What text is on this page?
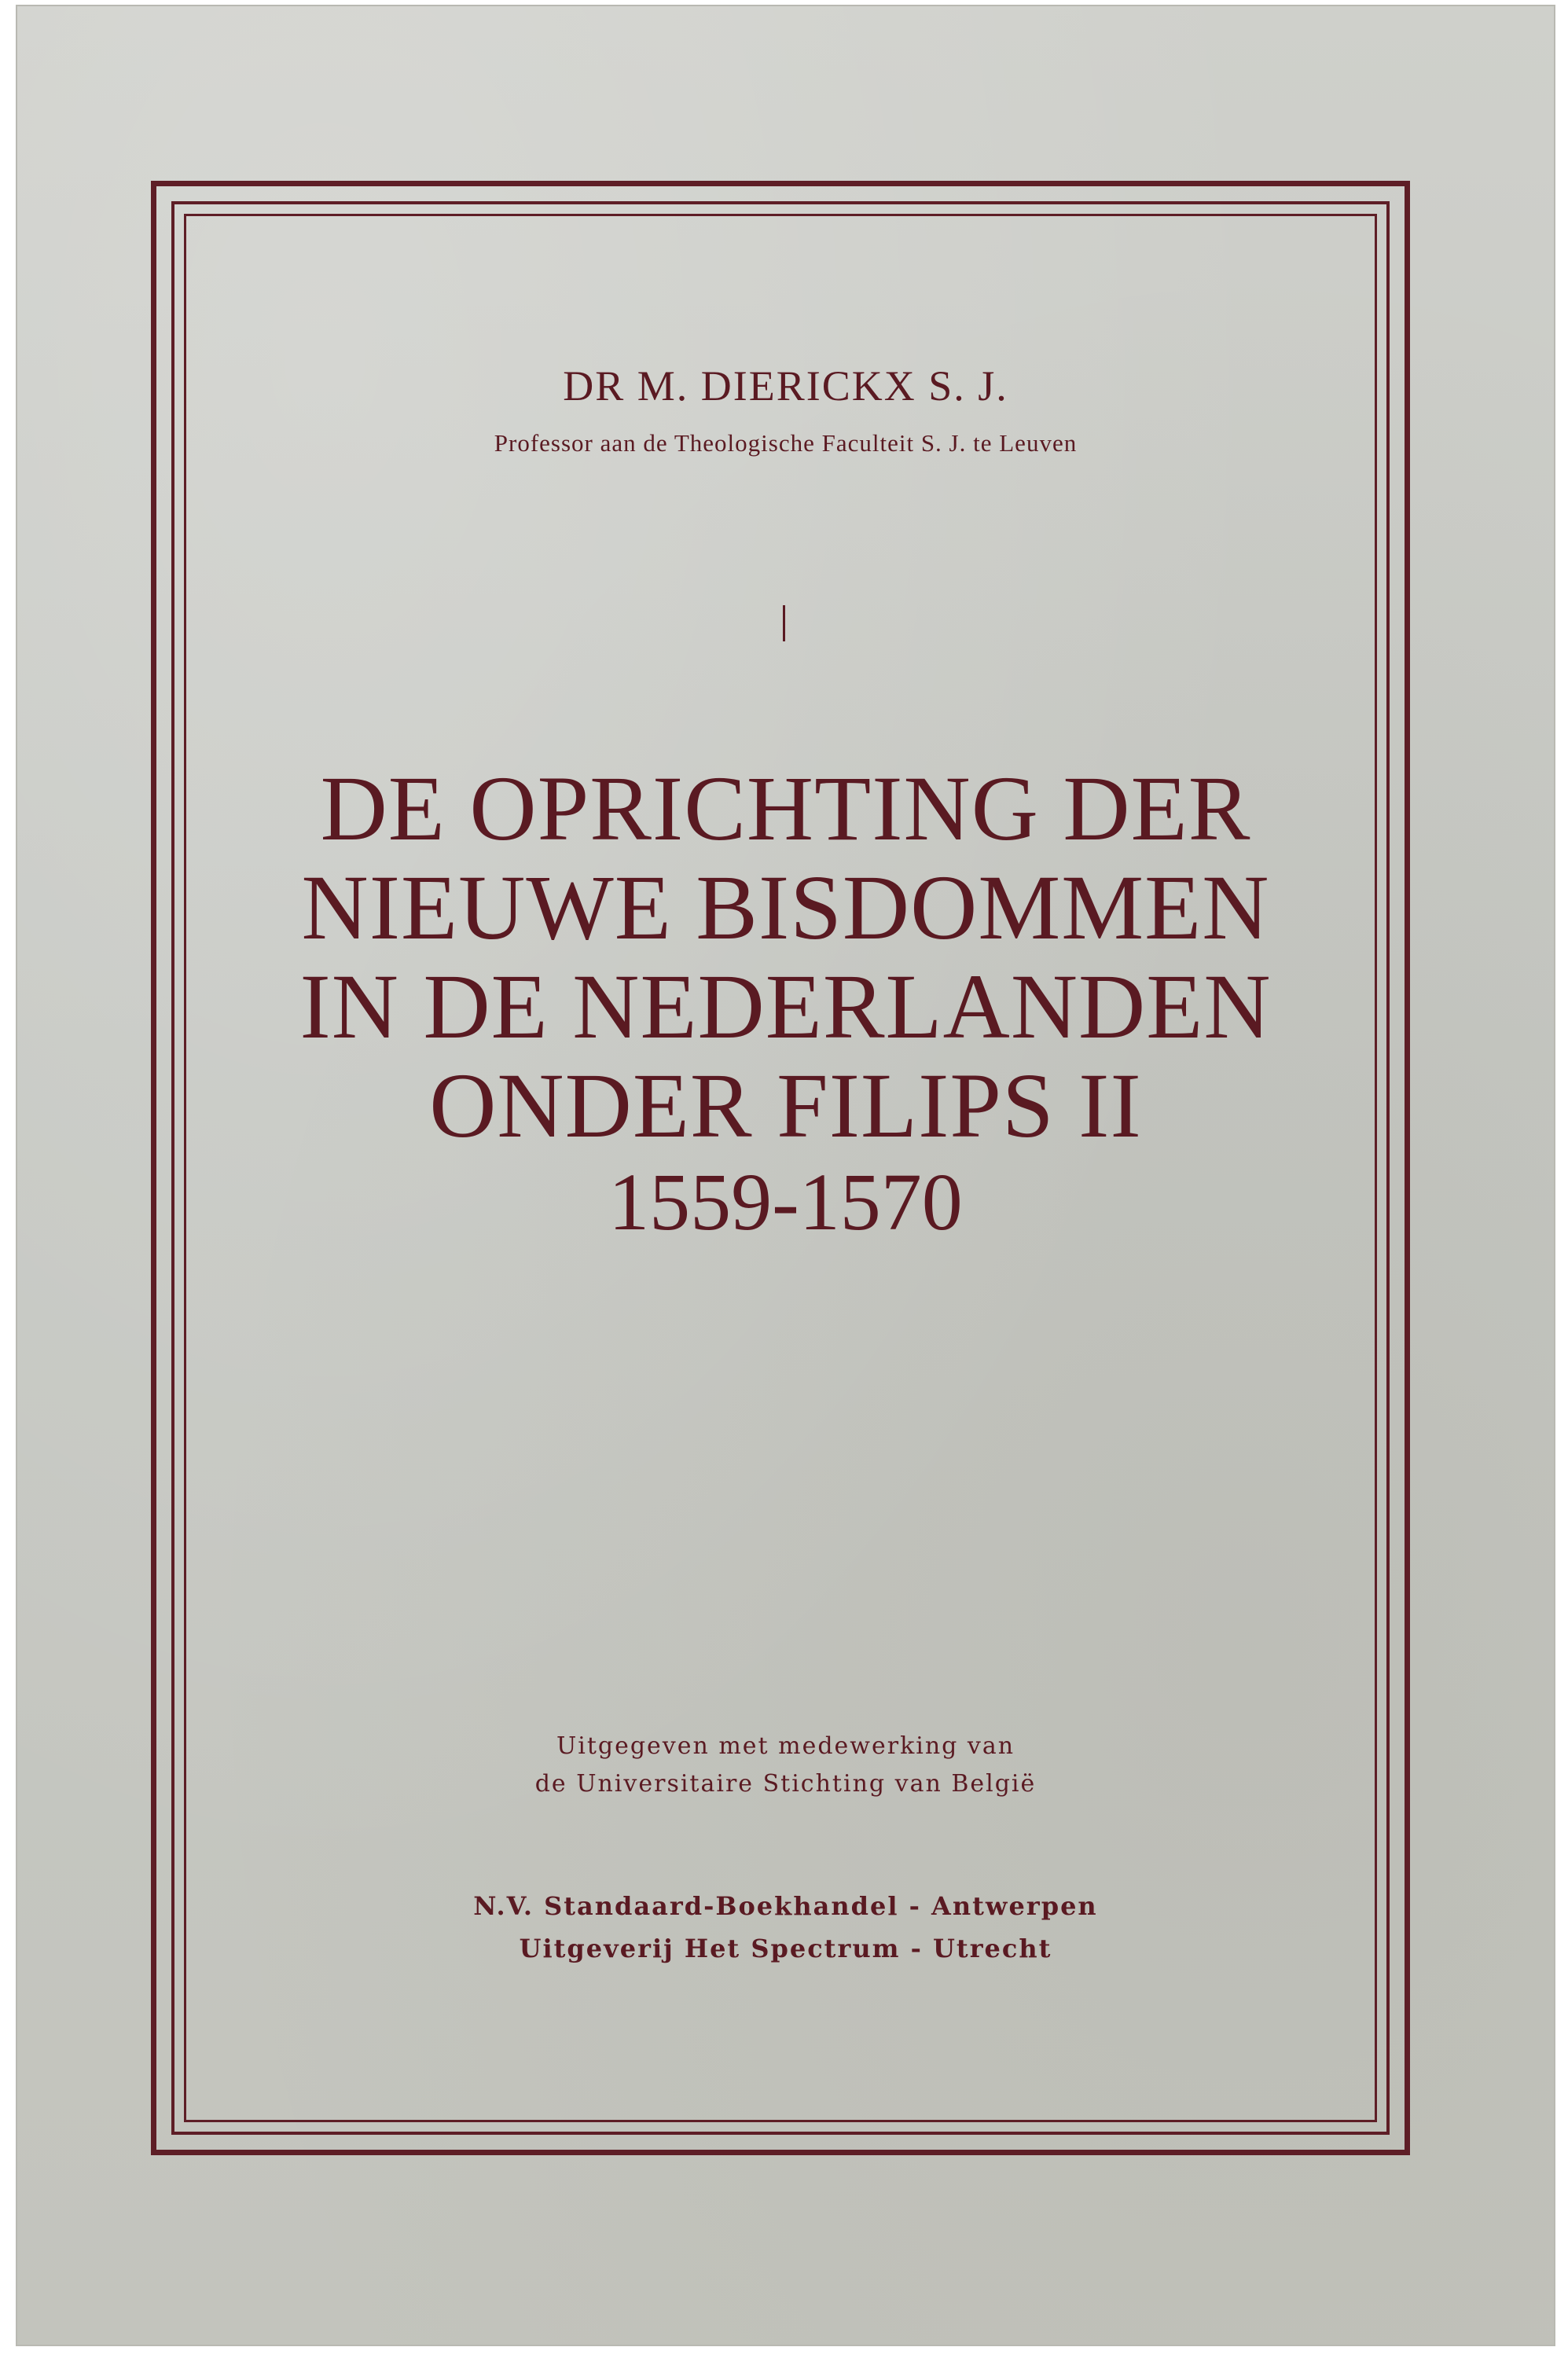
DR M. DIERICKX S. J.
Professor aan de Theologische Faculteit S. J. te Leuven
DE OPRICHTING DER
NIEUWE BISDOMMEN
IN DE NEDERLANDEN
ONDER FILIPS II
1559-1570
Uitgegeven met medewerking van
de Universitaire Stichting van België
N.V. Standaard-Boekhandel - Antwerpen
Uitgeverij Het Spectrum - Utrecht
